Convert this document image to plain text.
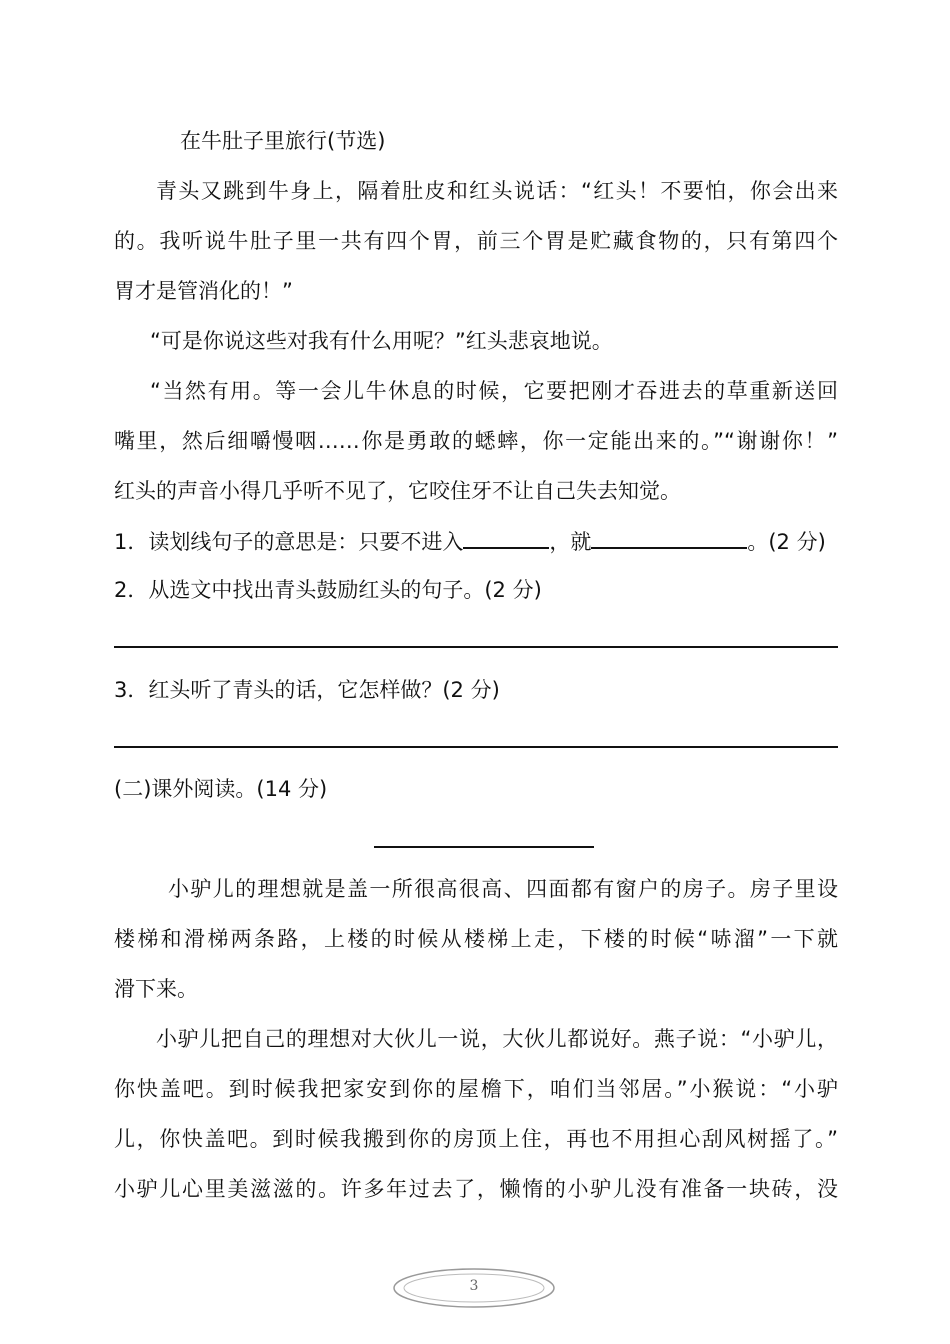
在牛肚子里旅行(节选)
青头又跳到牛身上，隔着肚皮和红头说话：“红头！不要怕，你会出来
的。我听说牛肚子里一共有四个胃，前三个胃是贮藏食物的，只有第四个
胃才是管消化的！”
“可是你说这些对我有什么用呢？”红头悲哀地说。
“当然有用。等一会儿牛休息的时候，它要把刚才吞进去的草重新送回
嘴里，然后细嚼慢咽……你是勇敢的蟋蟀，你一定能出来的。”“谢谢你！”
红头的声音小得几乎听不见了，它咬住牙不让自己失去知觉。
1．读划线句子的意思是：只要不进入	，就	。(2 分)
2．从选文中找出青头鼓励红头的句子。(2 分)
3．红头听了青头的话，它怎样做？(2 分)
(二)课外阅读。(14 分)
小驴儿的理想就是盖一所很高很高、四面都有窗户的房子。房子里设
楼梯和滑梯两条路，上楼的时候从楼梯上走，下楼的时候“哧溜”一下就
滑下来。
小驴儿把自己的理想对大伙儿一说，大伙儿都说好。燕子说：“小驴儿，
你快盖吧。到时候我把家安到你的屋檐下，咱们当邻居。”小猴说：“小驴
儿，你快盖吧。到时候我搬到你的房顶上住，再也不用担心刮风树摇了。”
小驴儿心里美滋滋的。许多年过去了，懒惰的小驴儿没有准备一块砖，没
3
